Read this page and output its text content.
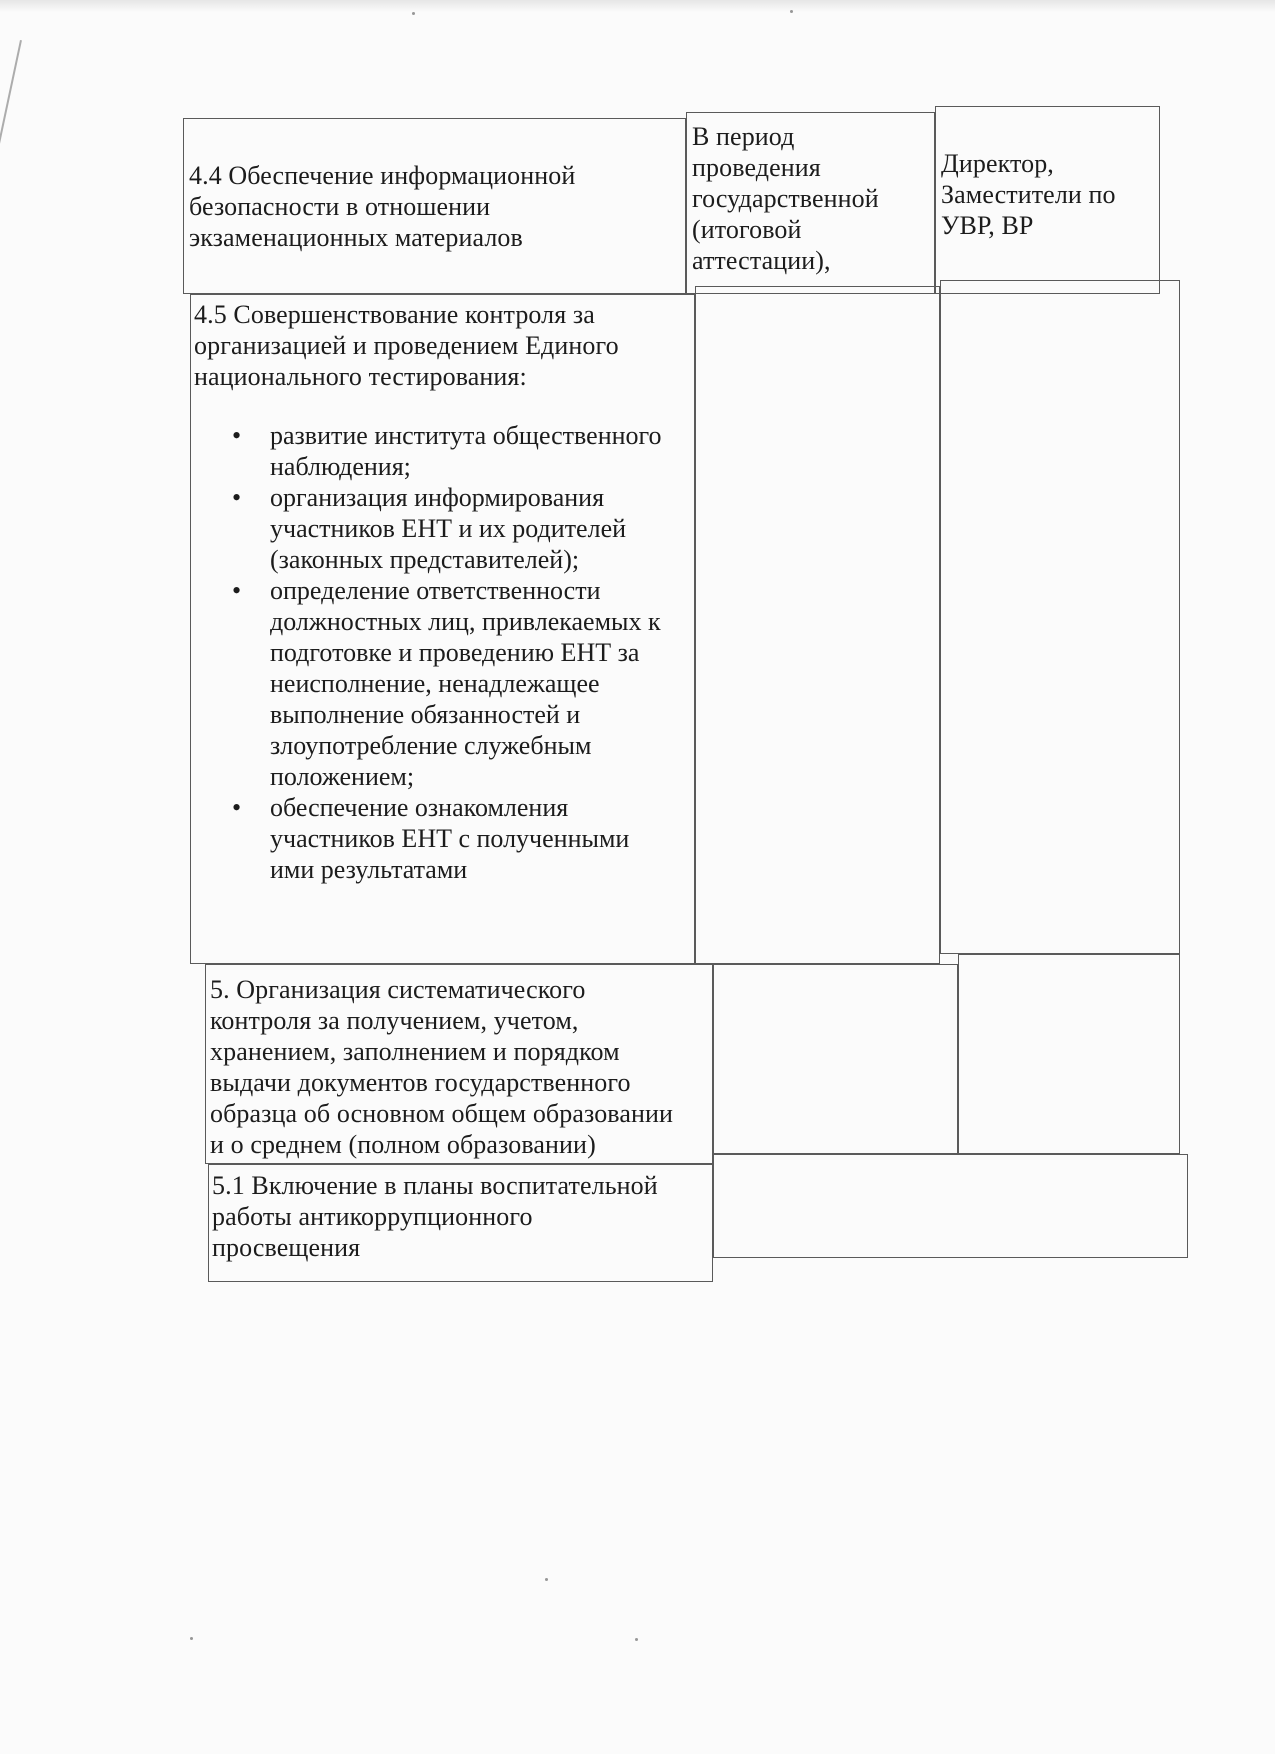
4.4 Обеспечение информационной
безопасности в отношении
экзаменационных материалов
В период
проведения
государственной
(итоговой
аттестации),
Директор,
Заместители по
УВР, ВР
4.5 Совершенствование контроля за
организацией и проведением Единого
национального тестирования:
• развитие института общественного
наблюдения;
• организация информирования
участников ЕНТ и их родителей
(законных представителей);
• определение ответственности
должностных лиц, привлекаемых к
подготовке и проведению ЕНТ за
неисполнение, ненадлежащее
выполнение обязанностей и
злоупотребление служебным
положением;
• обеспечение ознакомления
участников ЕНТ с полученными
ими результатами
5. Организация систематического
контроля за получением, учетом,
хранением, заполнением и порядком
выдачи документов государственного
образца об основном общем образовании
и о среднем (полном образовании)
5.1 Включение в планы воспитательной
работы антикоррупционного
просвещения
